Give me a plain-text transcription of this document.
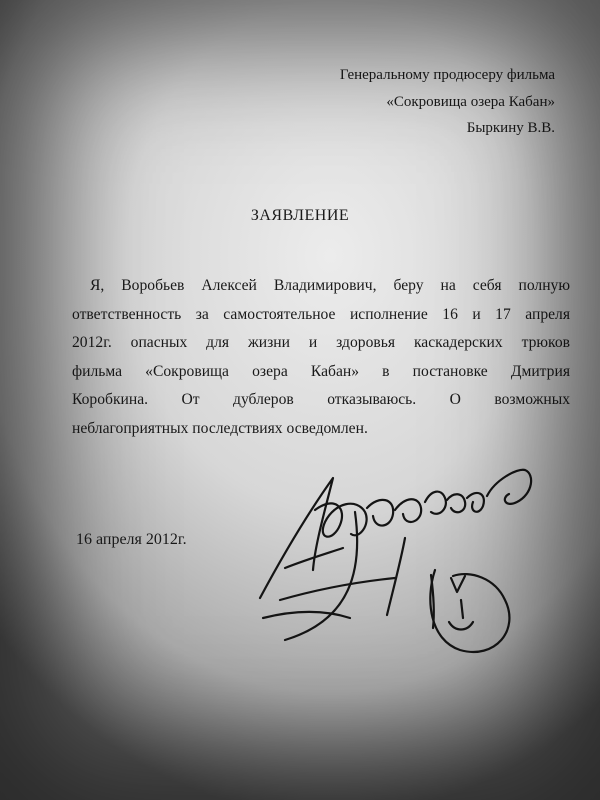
Генеральному продюсеру фильма
«Сокровища озера Кабан»
Быркину В.В.
ЗАЯВЛЕНИЕ
Я, Воробьев Алексей Владимирович, беру на себя полную
ответственность за самостоятельное исполнение 16 и 17 апреля
2012г. опасных для жизни и здоровья каскадерских трюков
фильма «Сокровища озера Кабан» в постановке Дмитрия
Коробкина. От дублеров отказываюсь. О возможных
неблагоприятных последствиях осведомлен.
16 апреля 2012г.
